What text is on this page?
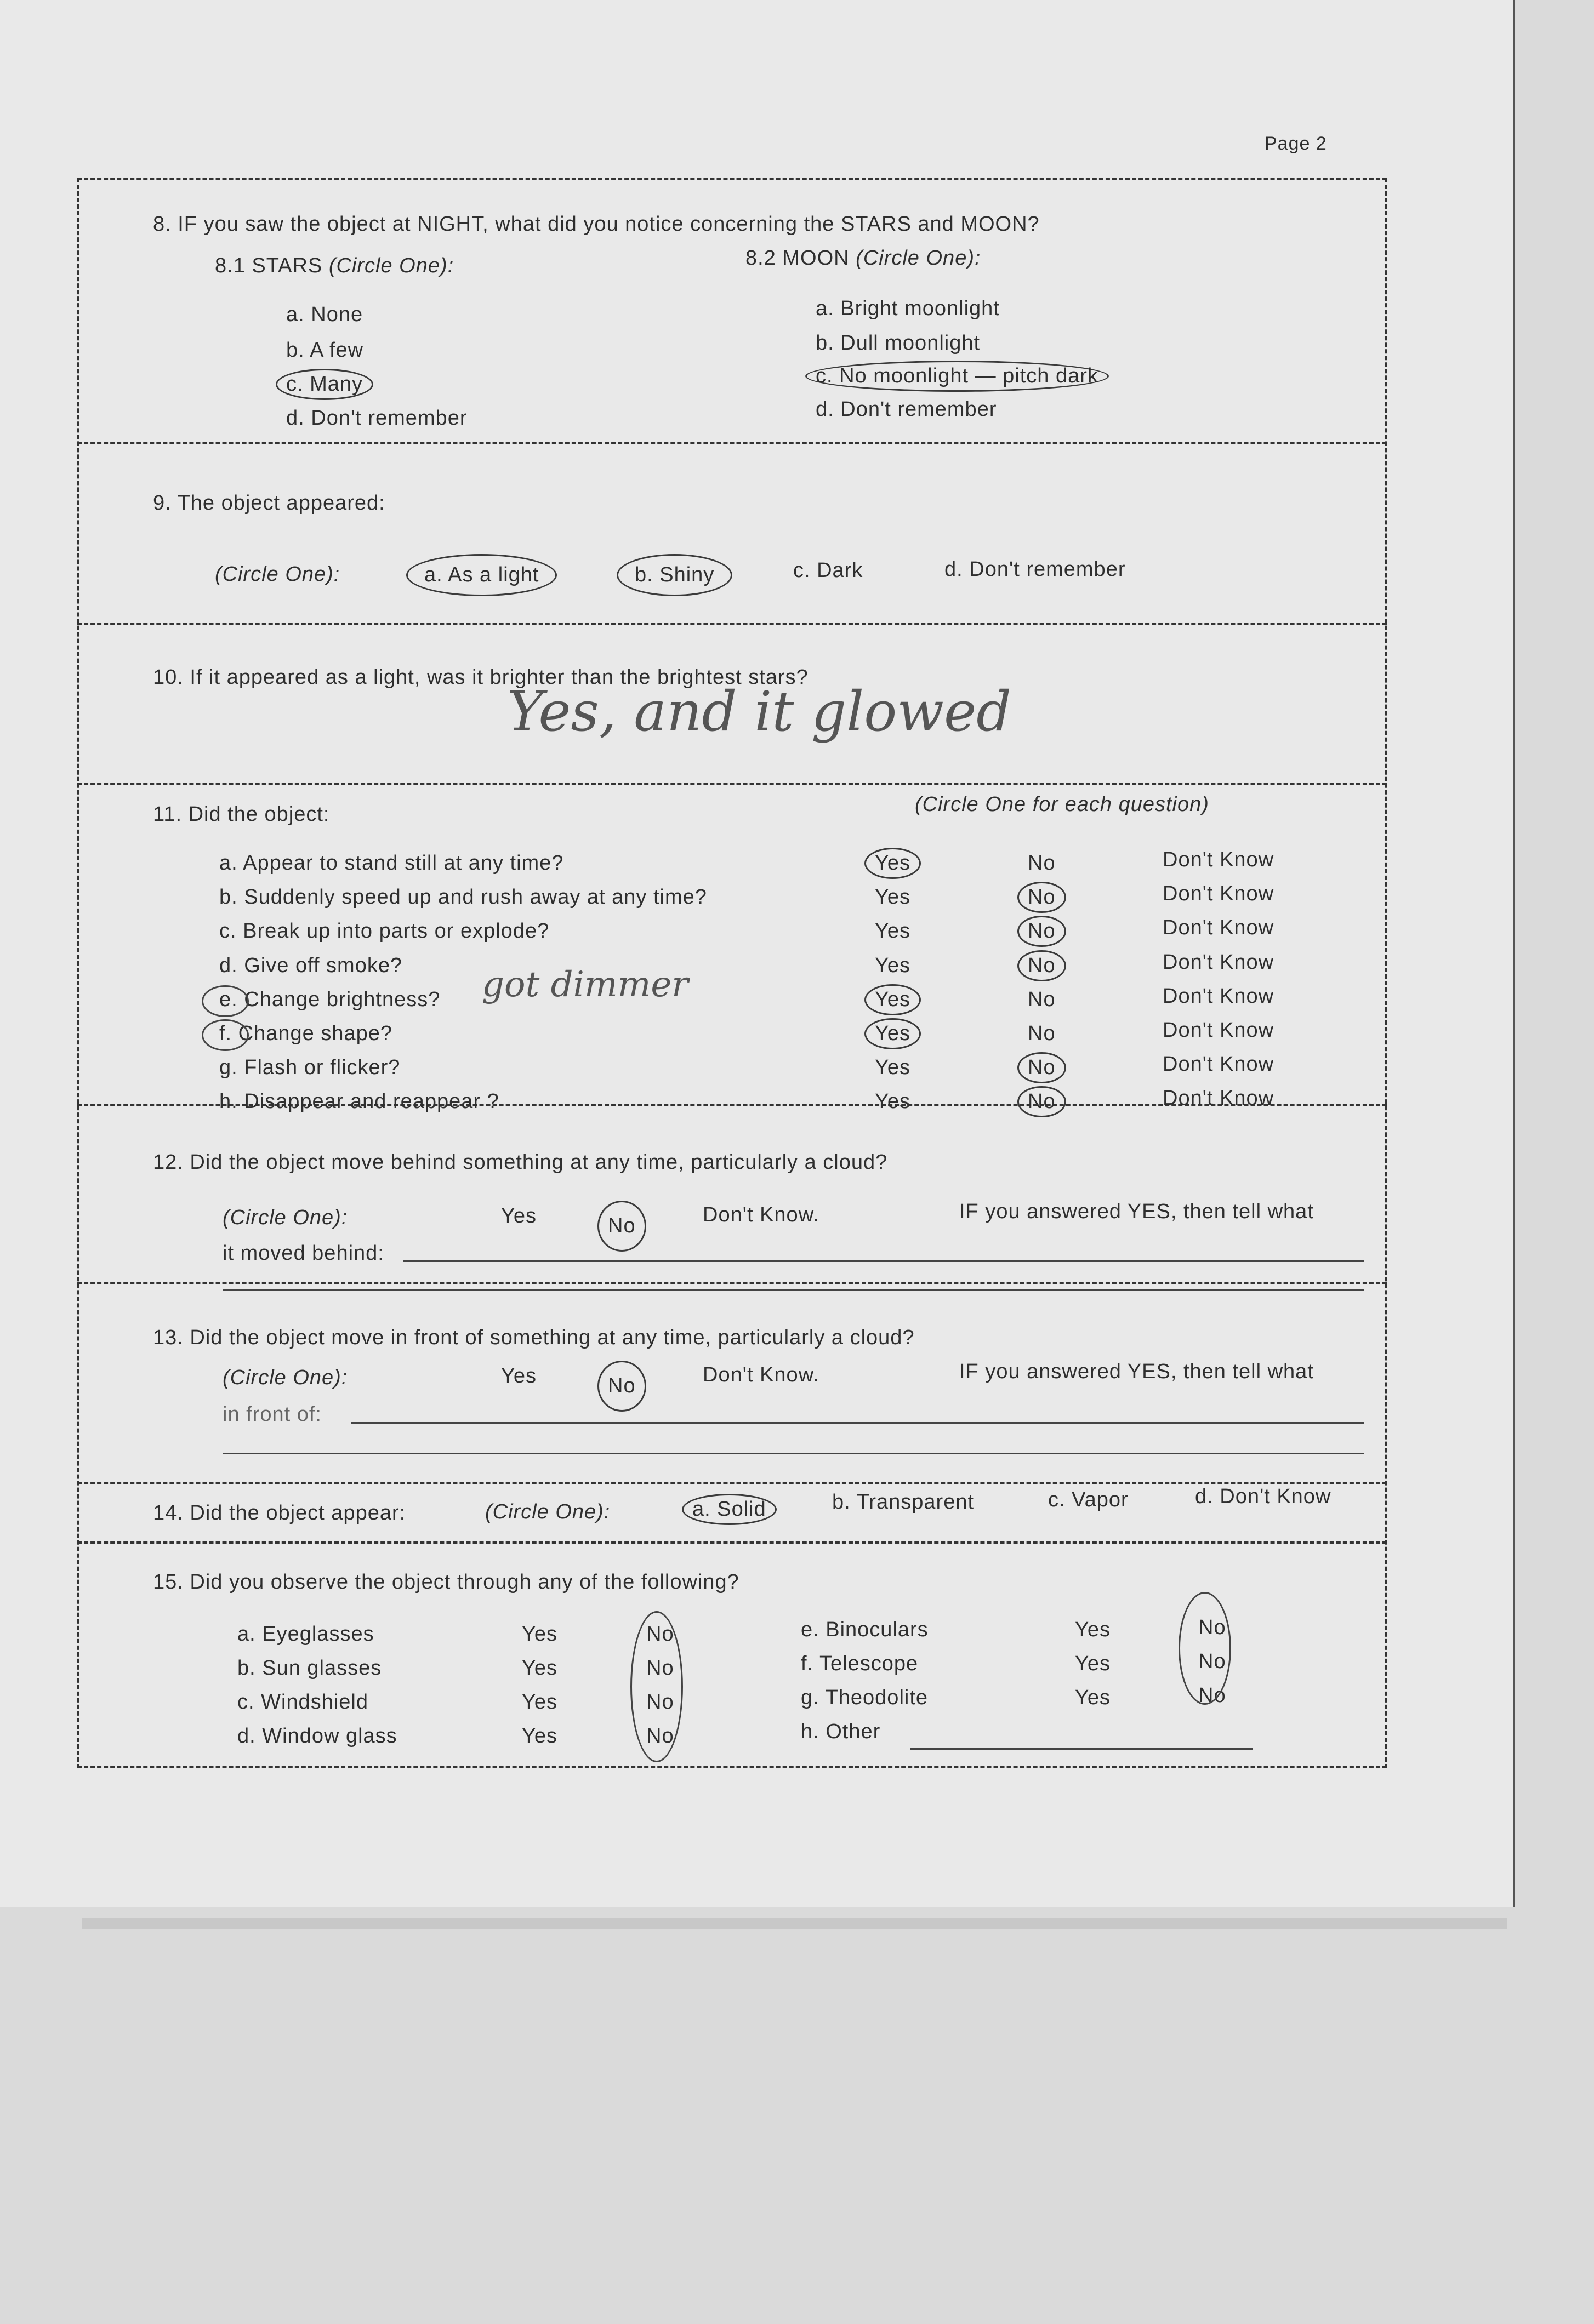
Page 2
8. IF you saw the object at NIGHT, what did you notice concerning the STARS and MOON?
8.1 STARS (Circle One):	8.2 MOON (Circle One):
a. None
b. A few
c. Many
d. Don't remember
a. Bright moonlight
b. Dull moonlight
c. No moonlight — pitch dark
d. Don't remember
9. The object appeared:
(Circle One):	a. As a light	b. Shiny	c. Dark	d. Don't remember
10. If it appeared as a light, was it brighter than the brightest stars?
Yes, and it glowed
11. Did the object:	(Circle One for each question)
a. Appear to stand still at any time?	Yes	No	Don't Know
b. Suddenly speed up and rush away at any time?	Yes	No	Don't Know
c. Break up into parts or explode?	Yes	No	Don't Know
d. Give off smoke?	Yes	No	Don't Know
e. Change brightness?	Yes	No	Don't Know
f. Change shape?	Yes	No	Don't Know
g. Flash or flicker?	Yes	No	Don't Know
h. Disappear and reappear ?	Yes	No	Don't Know
got dimmer
12. Did the object move behind something at any time, particularly a cloud?
(Circle One):	Yes	No	Don't Know.	IF you answered YES, then tell what
it moved behind:
13. Did the object move in front of something at any time, particularly a cloud?
(Circle One):	Yes	No	Don't Know.	IF you answered YES, then tell what
in front of:
14. Did the object appear:	(Circle One):	a. Solid	b. Transparent	c. Vapor	d. Don't Know
15. Did you observe the object through any of the following?
a. Eyeglasses	Yes	No	e. Binoculars	Yes	No
b. Sun glasses	Yes	No	f. Telescope	Yes	No
c. Windshield	Yes	No	g. Theodolite	Yes	No
d. Window glass	Yes	No	h. Other
